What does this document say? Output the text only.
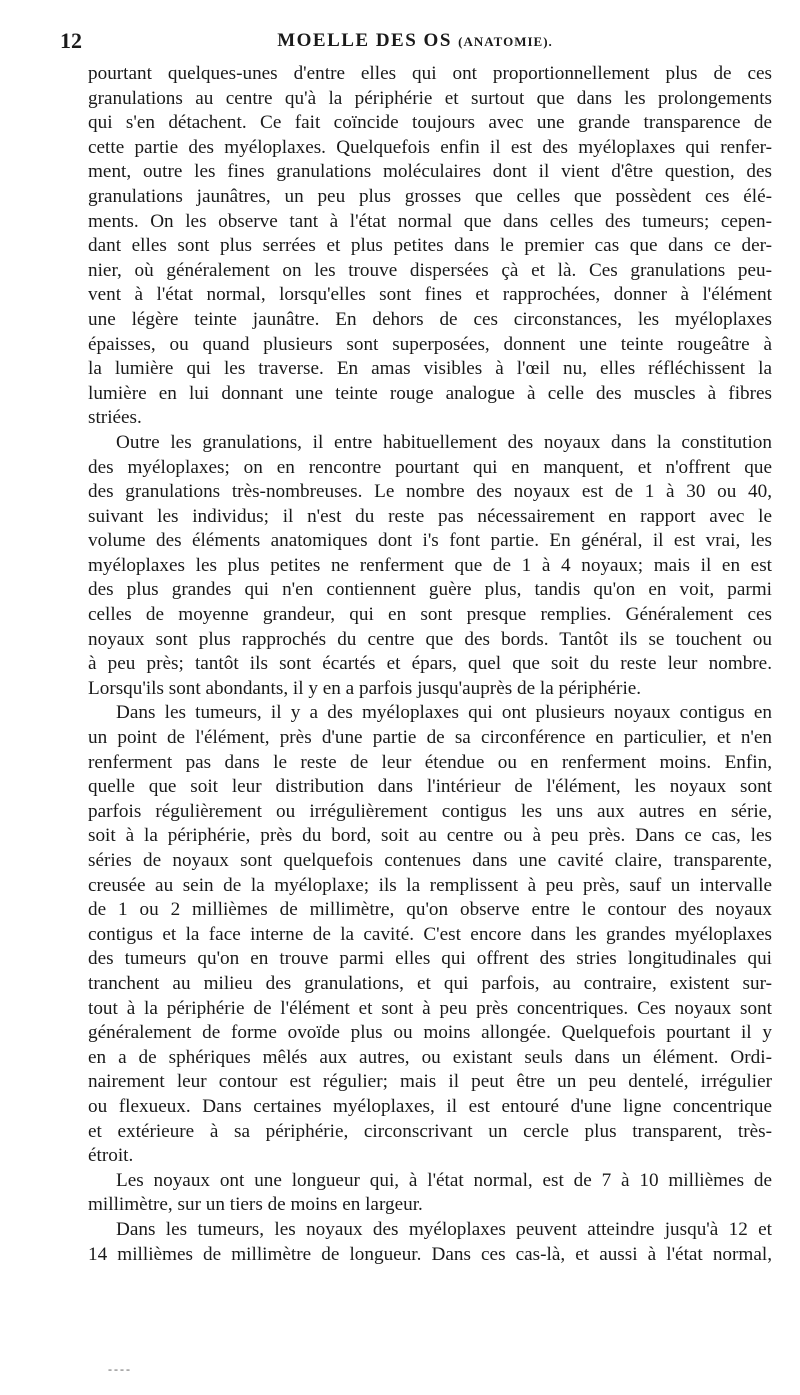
12	MOELLE DES OS (ANATOMIE).
pourtant quelques-unes d'entre elles qui ont proportionnellement plus de ces
granulations au centre qu'à la périphérie et surtout que dans les prolongements
qui s'en détachent. Ce fait coïncide toujours avec une grande transparence de
cette partie des myéloplaxes. Quelquefois enfin il est des myéloplaxes qui renfer-
ment, outre les fines granulations moléculaires dont il vient d'être question, des
granulations jaunâtres, un peu plus grosses que celles que possèdent ces élé-
ments. On les observe tant à l'état normal que dans celles des tumeurs; cepen-
dant elles sont plus serrées et plus petites dans le premier cas que dans ce der-
nier, où généralement on les trouve dispersées çà et là. Ces granulations peu-
vent à l'état normal, lorsqu'elles sont fines et rapprochées, donner à l'élément
une légère teinte jaunâtre. En dehors de ces circonstances, les myéloplaxes
épaisses, ou quand plusieurs sont superposées, donnent une teinte rougeâtre à
la lumière qui les traverse. En amas visibles à l'œil nu, elles réfléchissent la
lumière en lui donnant une teinte rouge analogue à celle des muscles à fibres
striées.
Outre les granulations, il entre habituellement des noyaux dans la constitution
des myéloplaxes; on en rencontre pourtant qui en manquent, et n'offrent que
des granulations très-nombreuses. Le nombre des noyaux est de 1 à 30 ou 40,
suivant les individus; il n'est du reste pas nécessairement en rapport avec le
volume des éléments anatomiques dont i's font partie. En général, il est vrai, les
myéloplaxes les plus petites ne renferment que de 1 à 4 noyaux; mais il en est
des plus grandes qui n'en contiennent guère plus, tandis qu'on en voit, parmi
celles de moyenne grandeur, qui en sont presque remplies. Généralement ces
noyaux sont plus rapprochés du centre que des bords. Tantôt ils se touchent ou
à peu près; tantôt ils sont écartés et épars, quel que soit du reste leur nombre.
Lorsqu'ils sont abondants, il y en a parfois jusqu'auprès de la périphérie.
Dans les tumeurs, il y a des myéloplaxes qui ont plusieurs noyaux contigus en
un point de l'élément, près d'une partie de sa circonférence en particulier, et n'en
renferment pas dans le reste de leur étendue ou en renferment moins. Enfin,
quelle que soit leur distribution dans l'intérieur de l'élément, les noyaux sont
parfois régulièrement ou irrégulièrement contigus les uns aux autres en série,
soit à la périphérie, près du bord, soit au centre ou à peu près. Dans ce cas, les
séries de noyaux sont quelquefois contenues dans une cavité claire, transparente,
creusée au sein de la myéloplaxe; ils la remplissent à peu près, sauf un intervalle
de 1 ou 2 millièmes de millimètre, qu'on observe entre le contour des noyaux
contigus et la face interne de la cavité. C'est encore dans les grandes myéloplaxes
des tumeurs qu'on en trouve parmi elles qui offrent des stries longitudinales qui
tranchent au milieu des granulations, et qui parfois, au contraire, existent sur-
tout à la périphérie de l'élément et sont à peu près concentriques. Ces noyaux sont
généralement de forme ovoïde plus ou moins allongée. Quelquefois pourtant il y
en a de sphériques mêlés aux autres, ou existant seuls dans un élément. Ordi-
nairement leur contour est régulier; mais il peut être un peu dentelé, irrégulier
ou flexueux. Dans certaines myéloplaxes, il est entouré d'une ligne concentrique
et extérieure à sa périphérie, circonscrivant un cercle plus transparent, très-
étroit.
Les noyaux ont une longueur qui, à l'état normal, est de 7 à 10 millièmes de
millimètre, sur un tiers de moins en largeur.
Dans les tumeurs, les noyaux des myéloplaxes peuvent atteindre jusqu'à 12 et
14 millièmes de millimètre de longueur. Dans ces cas-là, et aussi à l'état normal,
----
